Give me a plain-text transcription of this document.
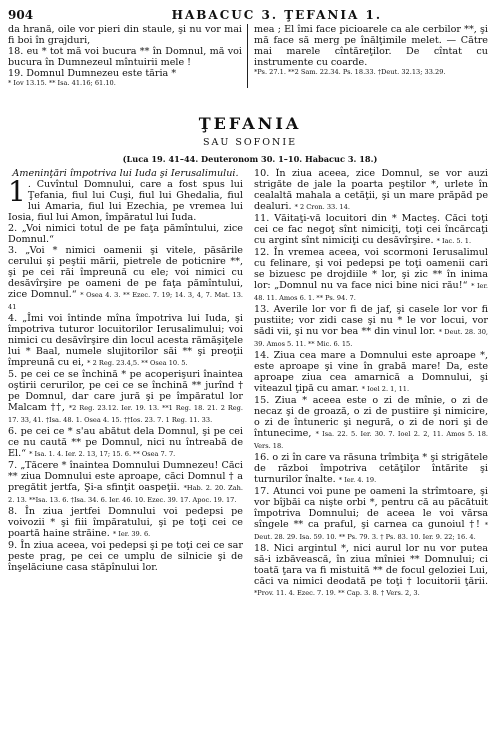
904	HABACUC 3. ŢEFANIA 1.

da hrană, oile vor pieri din staule, şi nu vor mai fi boi în grajduri,

18. eu * tot mă voi bucura ** în Domnul, mă voi bucura în Dumnezeul mîntuirii mele !

19. Domnul Dumnezeu este tăria *

* Iov 13.15. ** Isa. 41.16; 61.10.

mea ; El îmi face picioarele ca ale cerbilor **, şi mă face să merg pe înălţimile melet. — Către mai marele cîntăreţilor. De cîntat cu instrumente cu coarde.

*Ps. 27.1. **2 Sam. 22.34. Ps. 18.33. †Deut. 32.13; 33.29.
ŢEFANIA
SAU SOFONIE
(Luca 19. 41–44. Deuteronom 30. 1–10. Habacuc 3. 18.)
Ameninţări împotriva lui Iuda şi Ierusalimului.

1 . Cuvîntul Domnului, care a fost spus lui Ţefania, fiul lui Cuşi, fiul lui Ghedalia, fiul lui Amaria, fiul lui Ezechia, pe vremea lui Iosia, fiul lui Amon, împăratul lui Iuda.

2. „Voi nimici totul de pe faţa pămîntului, zice Domnul.“

3. „Voi * nimici oamenii şi vitele, păsările cerului şi peştii mării, pietrele de poticnire **, şi pe cei răi împreună cu ele; voi nimici cu desăvîrşire pe oameni de pe faţa pămîntului, zice Domnul.“ * Osea 4. 3. ** Ezec. 7. 19; 14. 3, 4, 7. Mat. 13. 41

4. „Îmi voi întinde mîna împotriva lui Iuda, şi împotriva tuturor locuitorilor Ierusalimului; voi nimici cu desăvîrşire din locul acesta rămăşiţele lui * Baal, numele slujitorilor săi ** şi preoţii împreună cu ei, * 2 Reg. 23.4,5. ** Osea 10. 5.

5. pe cei ce se închină * pe acoperişuri înaintea oştirii cerurilor, pe cei ce se închină ** jurînd † pe Domnul, dar care jură şi pe împăratul lor Malcam ††, *2 Reg. 23.12. Ier. 19. 13. **1 Reg. 18. 21. 2 Reg. 17. 33, 41. †Isa. 48. 1. Osea 4. 15. ††Ios. 23. 7. 1 Reg. 11. 33.

6. pe cei ce * s'au abătut dela Domnul, şi pe cei ce nu caută ** pe Domnul, nici nu întreabă de El.“ * Isa. 1. 4. Ier. 2. 13, 17; 15. 6. ** Osea 7. 7.

7. „Tăcere * înaintea Domnului Dumnezeu! Căci ** ziua Domnului este aproape, căci Domnul † a pregătit jertfa, Şi-a sfinţit oaspeţii. *Hab. 2. 20. Zah. 2. 13. **Isa. 13. 6. †Isa. 34. 6. Ier. 46. 10. Ezec. 39. 17. Apoc. 19. 17.

8. În ziua jertfei Domnului voi pedepsi pe voivozii * şi fiii împăratului, şi pe toţi cei ce poartă haine străine. * Ier. 39. 6.

9. În ziua aceea, voi pedepsi şi pe toţi cei ce sar peste prag, pe cei ce umplu de silnicie şi de înşelăciune casa stăpînului lor.

10. În ziua aceea, zice Domnul, se vor auzi strigăte de jale la poarta peştilor *, urlete în cealaltă mahala a cetăţii, şi un mare prăpăd pe dealuri. * 2 Cron. 33. 14.

11. Văitaţi-vă locuitori din * Macteş. Căci toţi cei ce fac negoţ sînt nimiciţi, toţi cei încărcaţi cu argint sînt nimiciţi cu desăvîrşire. * Iac. 5. 1.

12. În vremea aceea, voi scormoni Ierusalimul cu felinare, şi voi pedepsi pe toţi oamenii cari se bizuesc pe drojdiile * lor, şi zic ** în inima lor: „Domnul nu va face nici bine nici rău!“ * Ier. 48. 11. Amos 6. 1. ** Ps. 94. 7.

13. Averile lor vor fi de jaf, şi casele lor vor fi pustiite; vor zidi case şi nu * le vor locui, vor sădi vii, şi nu vor bea ** din vinul lor. * Deut. 28. 30, 39. Amos 5. 11. ** Mic. 6. 15.

14. Ziua cea mare a Domnului este aproape *, este aproape şi vine în grabă mare! Da, este aproape ziua cea amarnică a Domnului, şi viteazul ţipă cu amar. * Ioel 2. 1, 11.

15. Ziua * aceea este o zi de mînie, o zi de necaz şi de groază, o zi de pustiire şi nimicire, o zi de întuneric şi negură, o zi de nori şi de întunecime, * Isa. 22. 5. Ier. 30. 7. Ioel 2. 2, 11. Amos 5. 18. Vers. 18.

16. o zi în care va răsuna trîmbiţa * şi strigătele de război împotriva cetăţilor întărite şi turnurilor înalte. * Ier. 4. 19.

17. Atunci voi pune pe oameni la strîmtoare, şi vor bîjbăi ca nişte orbi *, pentru că au păcătuit împotriva Domnului; de aceea le voi vărsa sîngele ** ca praful, şi carnea ca gunoiul †! * Deut. 28. 29. Isa. 59. 10. ** Ps. 79. 3. † Ps. 83. 10. Ier. 9. 22; 16. 4.

18. Nici argintul *, nici aurul lor nu vor putea să-i izbăvească, în ziua mîniei ** Domnului; ci toată ţara va fi mistuită ** de focul geloziei Lui, căci va nimici deodată pe toţi † locuitorii ţării. *Prov. 11. 4. Ezec. 7. 19. ** Cap. 3. 8. † Vers. 2, 3.
